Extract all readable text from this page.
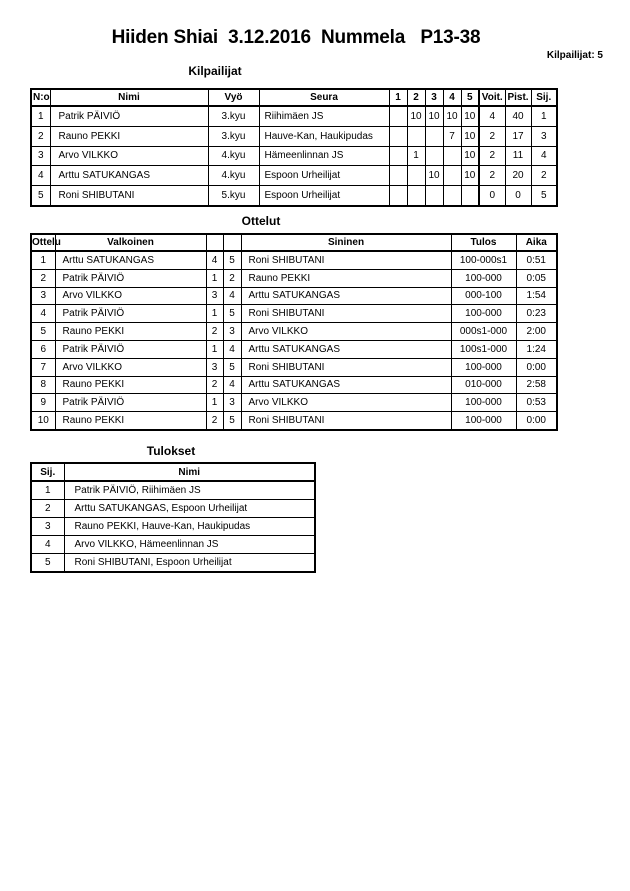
Hiiden Shiai  3.12.2016  Nummela   P13-38
Kilpailijat: 5
Kilpailijat
N:o	Nimi	Vyö	Seura	1	2	3	4	5	Voit.	Pist.	Sij.
1	Patrik PÄIVIÖ	3.kyu	Riihimäen JS		10	10	10	10	4	40	1
2	Rauno PEKKI	3.kyu	Hauve-Kan, Haukipudas				7	10	2	17	3
3	Arvo VILKKO	4.kyu	Hämeenlinnan JS		1			10	2	11	4
4	Arttu SATUKANGAS	4.kyu	Espoon Urheilijat			10		10	2	20	2
5	Roni SHIBUTANI	5.kyu	Espoon Urheilijat						0	0	5
Ottelut
Ottelu	Valkoinen			Sininen	Tulos	Aika
1	Arttu SATUKANGAS	4	5	Roni SHIBUTANI	100-000s1	0:51
2	Patrik PÄIVIÖ	1	2	Rauno PEKKI	100-000	0:05
3	Arvo VILKKO	3	4	Arttu SATUKANGAS	000-100	1:54
4	Patrik PÄIVIÖ	1	5	Roni SHIBUTANI	100-000	0:23
5	Rauno PEKKI	2	3	Arvo VILKKO	000s1-000	2:00
6	Patrik PÄIVIÖ	1	4	Arttu SATUKANGAS	100s1-000	1:24
7	Arvo VILKKO	3	5	Roni SHIBUTANI	100-000	0:00
8	Rauno PEKKI	2	4	Arttu SATUKANGAS	010-000	2:58
9	Patrik PÄIVIÖ	1	3	Arvo VILKKO	100-000	0:53
10	Rauno PEKKI	2	5	Roni SHIBUTANI	100-000	0:00
Tulokset
Sij.	Nimi
1	Patrik PÄIVIÖ, Riihimäen JS
2	Arttu SATUKANGAS, Espoon Urheilijat
3	Rauno PEKKI, Hauve-Kan, Haukipudas
4	Arvo VILKKO, Hämeenlinnan JS
5	Roni SHIBUTANI, Espoon Urheilijat
